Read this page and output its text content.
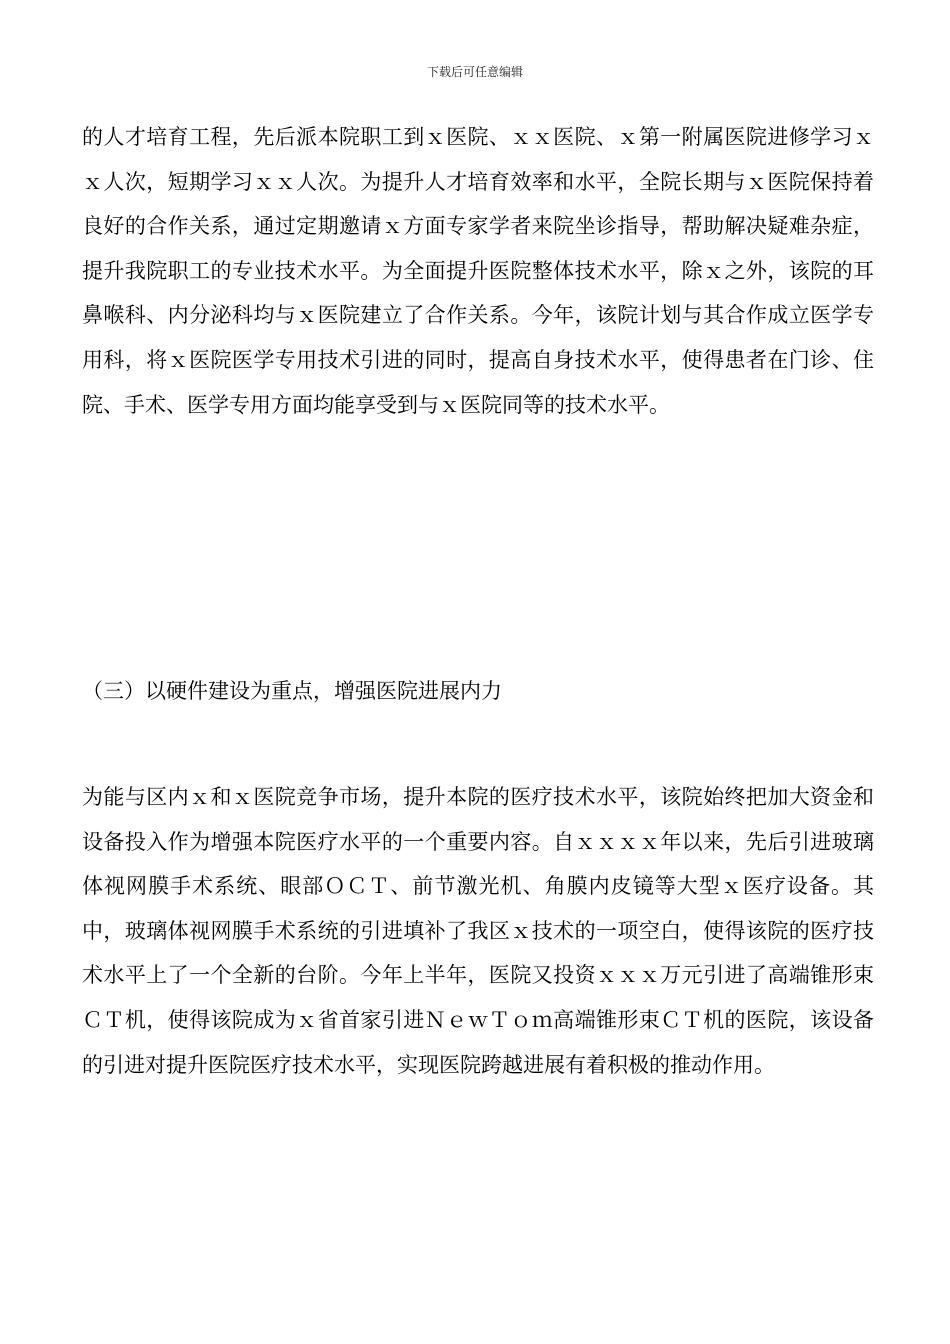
下载后可任意编辑

的人才培育工程，先后派本院职工到ｘ医院、ｘｘ医院、ｘ第一附属医院进修学习ｘｘ人次，短期学习ｘｘ人次。为提升人才培育效率和水平，全院长期与ｘ医院保持着良好的合作关系，通过定期邀请ｘ方面专家学者来院坐诊指导，帮助解决疑难杂症，提升我院职工的专业技术水平。为全面提升医院整体技术水平，除ｘ之外，该院的耳鼻喉科、内分泌科均与ｘ医院建立了合作关系。今年，该院计划与其合作成立医学专用科，将ｘ医院医学专用技术引进的同时，提高自身技术水平，使得患者在门诊、住院、手术、医学专用方面均能享受到与ｘ医院同等的技术水平。

（三）以硬件建设为重点，增强医院进展内力

为能与区内ｘ和ｘ医院竞争市场，提升本院的医疗技术水平，该院始终把加大资金和设备投入作为增强本院医疗水平的一个重要内容。自ｘｘｘｘ年以来，先后引进玻璃体视网膜手术系统、眼部ＯＣＴ、前节激光机、角膜内皮镜等大型ｘ医疗设备。其中，玻璃体视网膜手术系统的引进填补了我区ｘ技术的一项空白，使得该院的医疗技术水平上了一个全新的台阶。今年上半年，医院又投资ｘｘｘ万元引进了高端锥形束ＣＴ机，使得该院成为ｘ省首家引进ＮｅｗＴｏｍ高端锥形束ＣＴ机的医院，该设备的引进对提升医院医疗技术水平，实现医院跨越进展有着积极的推动作用。
